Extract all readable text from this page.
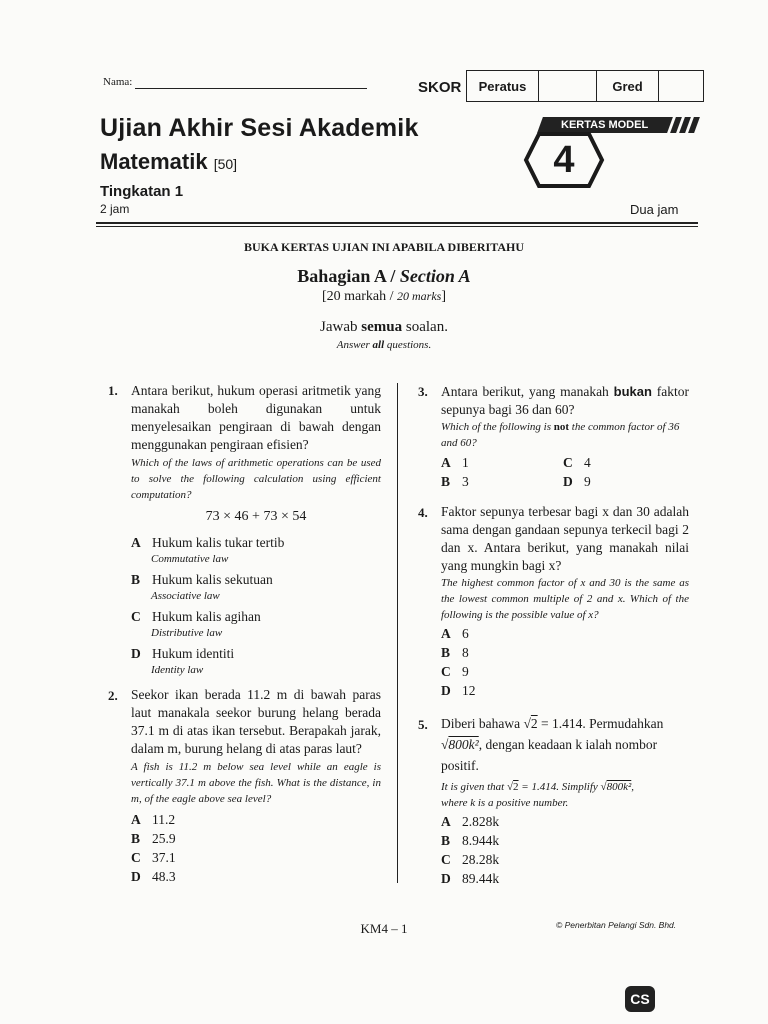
Nama:	SKOR	Peratus	Gred
Ujian Akhir Sesi Akademik
Matematik [50]
Tingkatan 1
2 jam	Dua jam
KERTAS MODEL
4
BUKA KERTAS UJIAN INI APABILA DIBERITAHU
Bahagian A / Section A
[20 markah / 20 marks]
Jawab semua soalan.
Answer all questions.
1. Antara berikut, hukum operasi aritmetik yang manakah boleh digunakan untuk menyelesaikan pengiraan di bawah dengan menggunakan pengiraan efisien?
Which of the laws of arithmetic operations can be used to solve the following calculation using efficient computation?
73 × 46 + 73 × 54
A Hukum kalis tukar tertib
Commutative law
B Hukum kalis sekutuan
Associative law
C Hukum kalis agihan
Distributive law
D Hukum identiti
Identity law
2. Seekor ikan berada 11.2 m di bawah paras laut manakala seekor burung helang berada 37.1 m di atas ikan tersebut. Berapakah jarak, dalam m, burung helang di atas paras laut?
A fish is 11.2 m below sea level while an eagle is vertically 37.1 m above the fish. What is the distance, in m, of the eagle above sea level?
A 11.2
B 25.9
C 37.1
D 48.3
3. Antara berikut, yang manakah bukan faktor sepunya bagi 36 dan 60?
Which of the following is not the common factor of 36 and 60?
A 1
B 3
C 4
D 9
4. Faktor sepunya terbesar bagi x dan 30 adalah sama dengan gandaan sepunya terkecil bagi 2 dan x. Antara berikut, yang manakah nilai yang mungkin bagi x?
The highest common factor of x and 30 is the same as the lowest common multiple of 2 and x. Which of the following is the possible value of x?
A 6
B 8
C 9
D 12
5. Diberi bahawa √2 = 1.414. Permudahkan
√800k², dengan keadaan k ialah nombor
positif.
It is given that √2 = 1.414. Simplify √800k²,
where k is a positive number.
A 2.828k
B 8.944k
C 28.28k
D 89.44k
KM4 – 1	© Penerbitan Pelangi Sdn. Bhd.
CS
